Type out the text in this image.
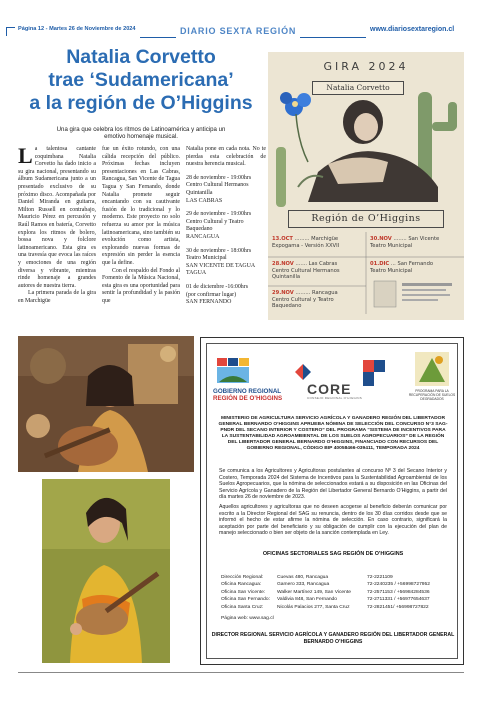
Página 12 - Martes 26 de Noviembre de 2024	DIARIO SEXTA REGIÓN	www.diariosextaregion.cl
Natalia Corvetto
trae ‘Sudamericana’
a la región de O’Higgins
Una gira que celebra los ritmos de Latinoamérica y anticipa un emotivo homenaje musical.
La talentosa cantante coquimbana Natalia Corvetto ha dado inicio a su gira nacional, presentando su álbum Sudamericana junto a un presentado exclusivo de su próximo disco. Acompañada por Daniel Miranda en guitarra, Milton Russell en contrabajo, Mauricio Pérez en percusión y Raúl Ramos en batería, Corvetto explora los ritmos de bolero, bossa nova y folclore latinoamericano. Esta gira es una travesía que evoca las raíces y emociones de una región diversa y vibrante, mientras rinde homenaje a grandes autores de nuestra tierra.

La primera parada de la gira en Marchigüe

fue un éxito rotundo, con una cálida recepción del público. Próximas fechas incluyen presentaciones en Las Cabras, Rancagua, San Vicente de Tagua Tagua y San Fernando, donde Natalia promete seguir encantando con su cautivante fusión de lo tradicional y lo moderno. Este proyecto no solo refuerza su amor por la música latinoamericana, sino también su evolución como artista, explorando nuevas formas de expresión sin perder la esencia que la define.

Con el respaldo del Fondo al Fomento de la Música Nacional, esta gira es una oportunidad para sentir la profundidad y la pasión que

Natalia pone en cada nota. No te pierdas esta celebración de nuestra herencia musical.

28 de noviembre - 19:00hrs
Centro Cultural Hermanos Quintanilla
LAS CABRAS
29 de noviembre - 19:00hrs
Centro Cultural y Teatro Baquedano
RANCAGUA
30 de noviembre - 18:00hrs
Teatro Municipal
SAN VICENTE DE TAGUA TAGUA
01 de diciembre -16:00hrs
(por confirmar lugar)
SAN FERNANDO
GIRA 2024
Natalia Corvetto
Región de O’Higgins
13.OCT ......... Marchigüe
Expogama - Versión XXVII
30.NOV ........ San Vicente
Teatro Municipal
28.NOV ....... Las Cabras
Centro Cultural Hermanos Quintanilla
01.DIC ... San Fernando
Teatro Municipal
29.NOV ......... Rancagua
Centro Cultural y Teatro Baquedano
GOBIERNO REGIONAL
REGIÓN DE O’HIGGINS
CORE
CONSEJO REGIONAL O’HIGGINS
PROGRAMA PARA LA RECUPERACIÓN DE SUELOS DEGRADADOS
MINISTERIO DE AGRICULTURA SERVICIO AGRÍCOLA Y GANADERO REGIÓN DEL LIBERTADOR GENERAL BERNARDO O’HIGGINS APRUEBA NÓMINA DE SELECCIÓN DEL CONCURSO N°3 SAG-PNDR DEL SECANO INTERIOR Y COSTERO” DEL PROGRAMA “SISTEMA DE INCENTIVOS PARA LA SUSTENTABILIDAD AGROAMBIENTAL DE LOS SUELOS AGROPECUARIOS” DE LA REGIÓN DEL LIBERTADOR GENERAL BERNARDO O’HIGGINS, FINANCIADO CON RECURSOS DEL GOBIERNO REGIONAL, CÓDIGO BIP 40058466-039411, TEMPORADA 2024
Se comunica a los Agricultores y Agricultoras postulantes al concurso Nº 3 del Secano Interior y Costero, Temporada 2024 del Sistema de Incentivos para la Sustentabilidad Agroambiental de los Suelos Agropecuarios, que la nómina de seleccionados estará a su disposición en las Oficinas del Servicio Agrícola y Ganadero de la Región del Libertador General Bernardo O’Higgins, a partir del día martes 26 de noviembre de 2023.
Aquellos agricultores y agricultoras que no deseen acogerse al beneficio deberán comunicar por escrito a la Director Regional del SAG su renuncia, dentro de los 30 días corridos desde que se informó el hecho de estar afirme la nómina de selección. En caso contrario, significará la aceptación por parte del beneficiario y su obligación de cumplir con la ejecución del plan de manejo seleccionado o bien ser objeto de la sanción contemplada en Ley.
OFICINAS SECTORIALES SAG REGIÓN DE O’HIGGINS
Dirección Regional:	Cuevas 480, Rancagua	72-2221109
Oficina Rancagua:	Gamero 333, Rancagua	72-2240235 / +56998727952
Oficina San Vicente:	Walker Martínez 149, San Vicente	72-2571153 / +56984284536
Oficina San Fernando:	Valdivia 848, San Fernando	72-2711331 / +56977654637
Oficina Santa Cruz:	Nicolás Palacios 277, Santa Cruz	72-2821451/ +56998727822
Página web: www.sag.cl
DIRECTOR REGIONAL SERVICIO AGRÍCOLA Y GANADERO REGIÓN DEL LIBERTADOR GENERAL BERNARDO O’HIGGINS
